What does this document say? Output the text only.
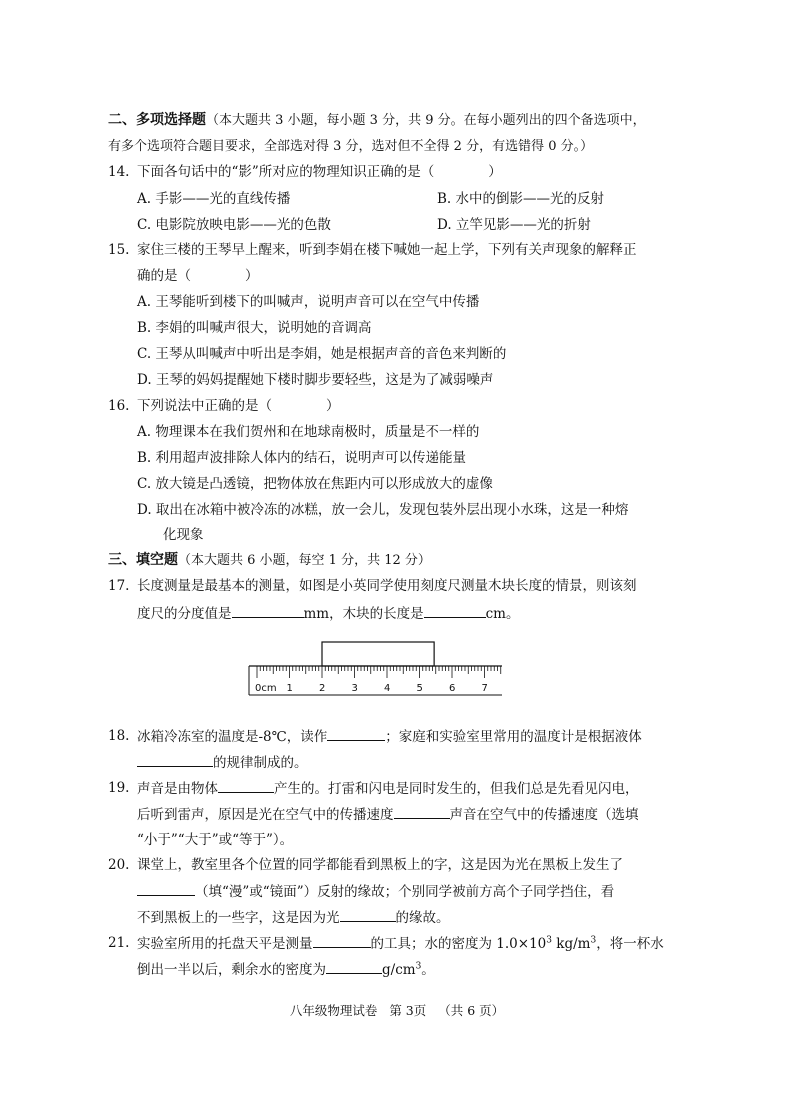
二、多项选择题（本大题共 3 小题，每小题 3 分，共 9 分。在每小题列出的四个备选项中，
有多个选项符合题目要求，全部选对得 3 分，选对但不全得 2 分，有选错得 0 分。）
14. 下面各句话中的“影”所对应的物理知识正确的是（　　　　）
A. 手影——光的直线传播	B. 水中的倒影——光的反射
C. 电影院放映电影——光的色散	D. 立竿见影——光的折射
15. 家住三楼的王琴早上醒来，听到李娟在楼下喊她一起上学，下列有关声现象的解释正
确的是（　　　　）
A. 王琴能听到楼下的叫喊声，说明声音可以在空气中传播
B. 李娟的叫喊声很大，说明她的音调高
C. 王琴从叫喊声中听出是李娟，她是根据声音的音色来判断的
D. 王琴的妈妈提醒她下楼时脚步要轻些，这是为了减弱噪声
16. 下列说法中正确的是（　　　　）
A. 物理课本在我们贺州和在地球南极时，质量是不一样的
B. 利用超声波排除人体内的结石，说明声可以传递能量
C. 放大镜是凸透镜，把物体放在焦距内可以形成放大的虚像
D. 取出在冰箱中被冷冻的冰糕，放一会儿，发现包装外层出现小水珠，这是一种熔
化现象
三、填空题（本大题共 6 小题，每空 1 分，共 12 分）
17. 长度测量是最基本的测量，如图是小英同学使用刻度尺测量木块长度的情景，则该刻
度尺的分度值是	mm，木块的长度是	cm。
0cm 1	2	3	4	5	6	7
18. 冰箱冷冻室的温度是-8℃，读作	；家庭和实验室里常用的温度计是根据液体
的规律制成的。
19. 声音是由物体	产生的。打雷和闪电是同时发生的，但我们总是先看见闪电，
后听到雷声，原因是光在空气中的传播速度	声音在空气中的传播速度（选填
“小于”“大于”或“等于”）。
20. 课堂上，教室里各个位置的同学都能看到黑板上的字，这是因为光在黑板上发生了
（填“漫”或“镜面”）反射的缘故；个别同学被前方高个子同学挡住，看
不到黑板上的一些字，这是因为光	的缘故。
21. 实验室所用的托盘天平是测量	的工具；水的密度为 $1.0\times 10^3$ $kg/m^3$，将一杯水
倒出一半以后，剩余水的密度为	$g/cm^3$。
八年级物理试卷 第 3页 （共 6 页）
